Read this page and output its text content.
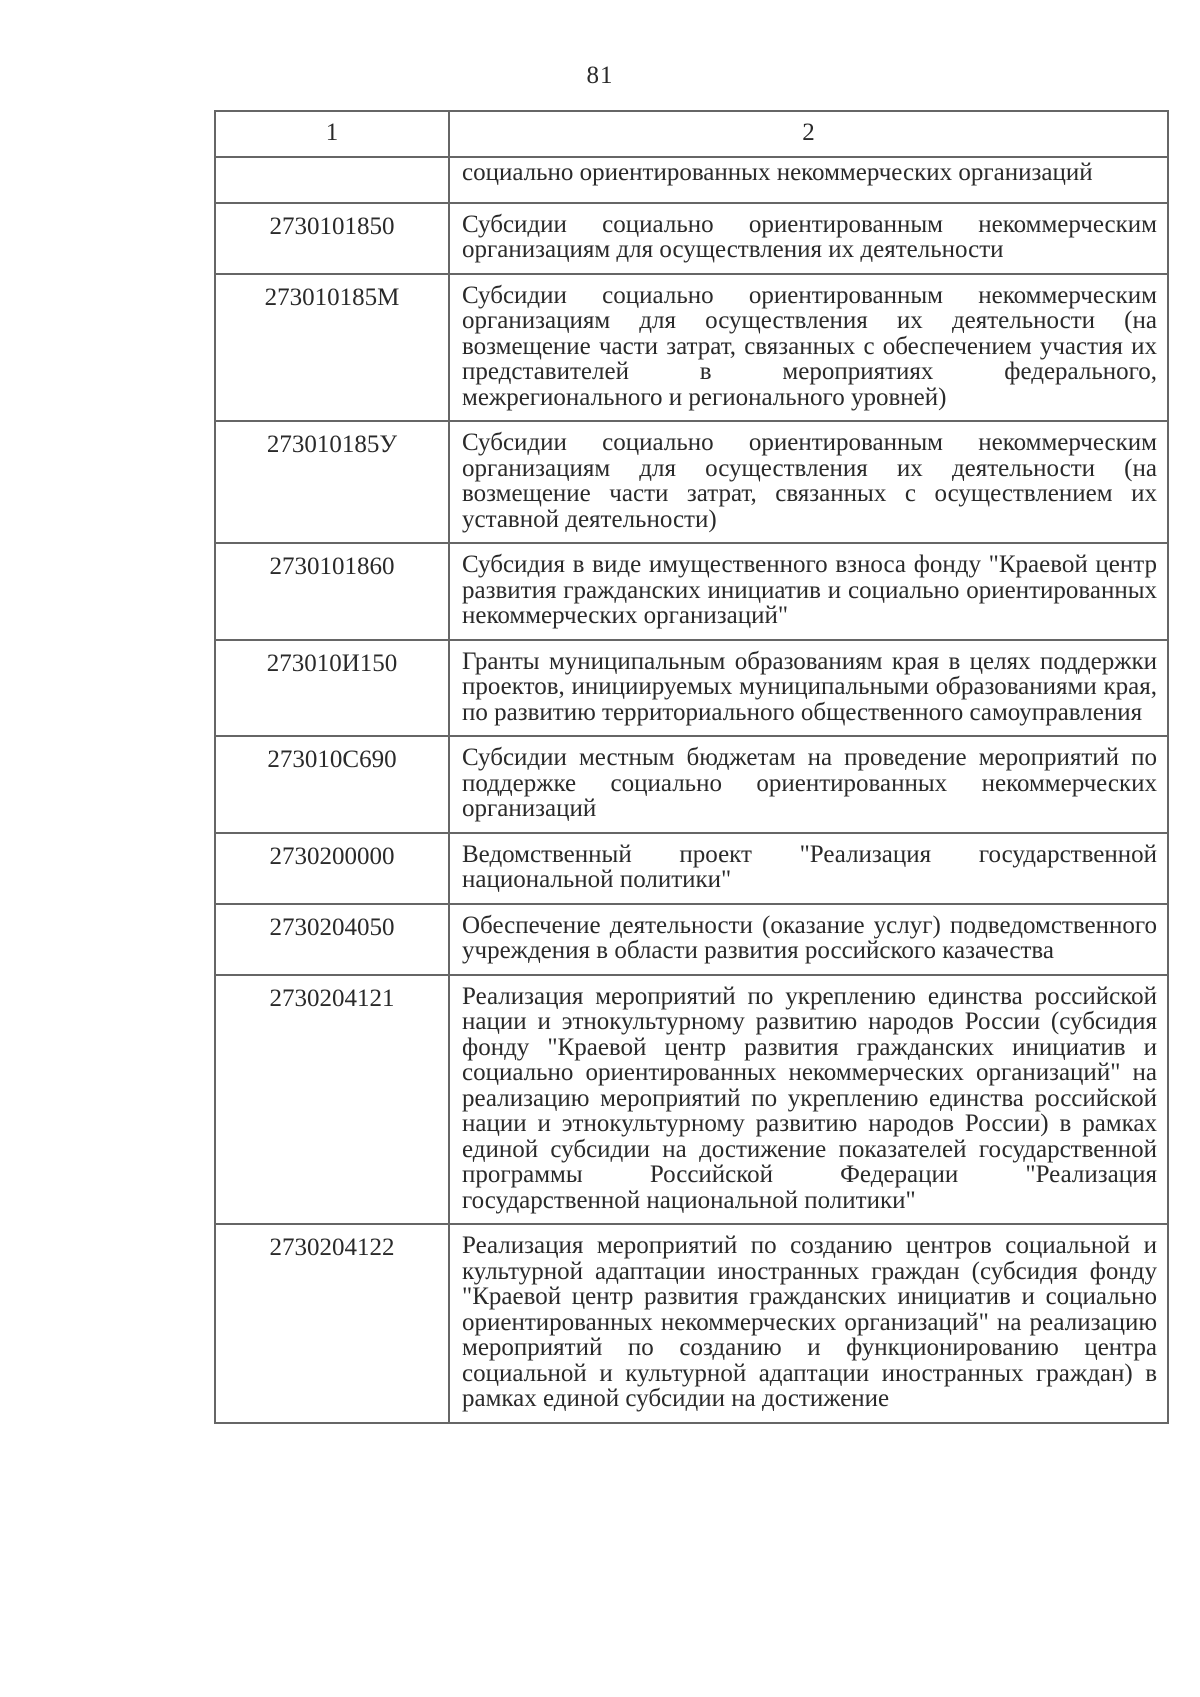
81
1	2
	социально ориентированных некоммерческих организаций
2730101850	Субсидии социально ориентированным некоммерческим организациям для осуществления их деятельности
273010185М	Субсидии социально ориентированным некоммерческим организациям для осуществления их деятельности (на возмещение части затрат, связанных с обеспечением участия их представителей в мероприятиях федерального, межрегионального и регионального уровней)
273010185У	Субсидии социально ориентированным некоммерческим организациям для осуществления их деятельности (на возмещение части затрат, связанных с осуществлением их уставной деятельности)
2730101860	Субсидия в виде имущественного взноса фонду "Краевой центр развития гражданских инициатив и социально ориентированных некоммерческих организаций"
273010И150	Гранты муниципальным образованиям края в целях поддержки проектов, инициируемых муниципальными образованиями края, по развитию территориального общественного самоуправления
273010С690	Субсидии местным бюджетам на проведение мероприятий по поддержке социально ориентированных некоммерческих организаций
2730200000	Ведомственный проект "Реализация государственной национальной политики"
2730204050	Обеспечение деятельности (оказание услуг) подведомственного учреждения в области развития российского казачества
2730204121	Реализация мероприятий по укреплению единства российской нации и этнокультурному развитию народов России (субсидия фонду "Краевой центр развития гражданских инициатив и социально ориентированных некоммерческих организаций" на реализацию мероприятий по укреплению единства российской нации и этнокультурному развитию народов России) в рамках единой субсидии на достижение показателей государственной программы Российской Федерации "Реализация государственной национальной политики"
2730204122	Реализация мероприятий по созданию центров социальной и культурной адаптации иностранных граждан (субсидия фонду "Краевой центр развития гражданских инициатив и социально ориентированных некоммерческих организаций" на реализацию мероприятий по созданию и функционированию центра социальной и культурной адаптации иностранных граждан) в рамках единой субсидии на достижение
